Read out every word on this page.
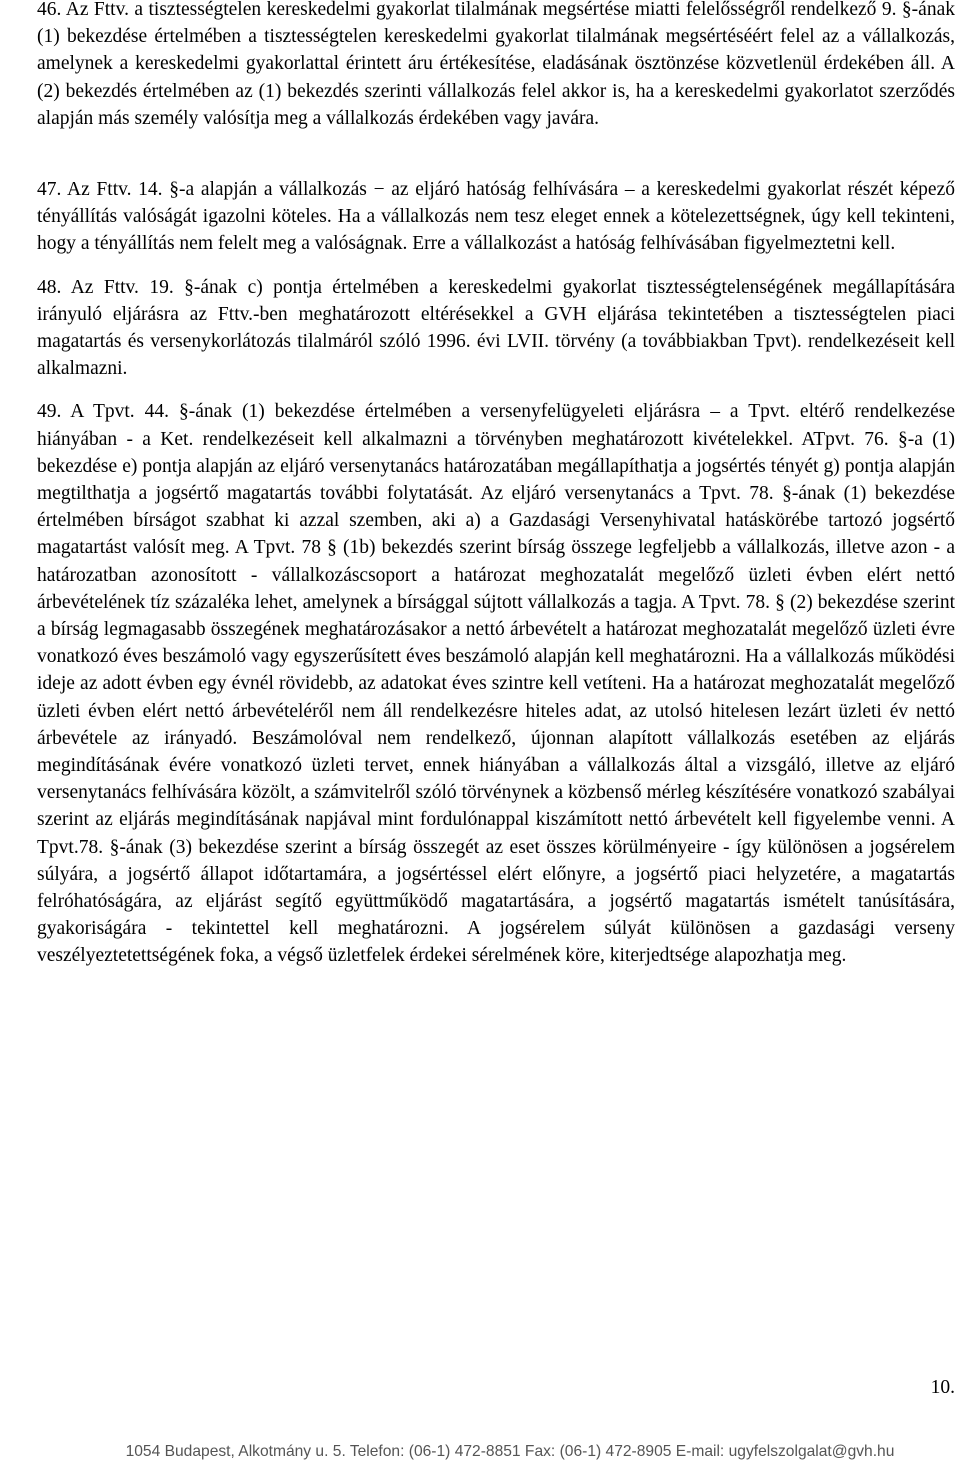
46. Az Fttv. a tisztességtelen kereskedelmi gyakorlat tilalmának megsértése miatti felelősségről rendelkező 9. §-ának (1) bekezdése értelmében a tisztességtelen kereskedelmi gyakorlat tilalmának megsértéséért felel az a vállalkozás, amelynek a kereskedelmi gyakorlattal érintett áru értékesítése, eladásának ösztönzése közvetlenül érdekében áll. A (2) bekezdés értelmében az (1) bekezdés szerinti vállalkozás felel akkor is, ha a kereskedelmi gyakorlatot szerződés alapján más személy valósítja meg a vállalkozás érdekében vagy javára.

47. Az Fttv. 14. §-a alapján a vállalkozás − az eljáró hatóság felhívására – a kereskedelmi gyakorlat részét képező tényállítás valóságát igazolni köteles. Ha a vállalkozás nem tesz eleget ennek a kötelezettségnek, úgy kell tekinteni, hogy a tényállítás nem felelt meg a valóságnak. Erre a vállalkozást a hatóság felhívásában figyelmeztetni kell.

48. Az Fttv. 19. §-ának c) pontja értelmében a kereskedelmi gyakorlat tisztességtelenségének megállapítására irányuló eljárásra az Fttv.-ben meghatározott eltérésekkel a GVH eljárása tekintetében a tisztességtelen piaci magatartás és versenykorlátozás tilalmáról szóló 1996. évi LVII. törvény (a továbbiakban Tpvt). rendelkezéseit kell alkalmazni.

49. A Tpvt. 44. §-ának (1) bekezdése értelmében a versenyfelügyeleti eljárásra – a Tpvt. eltérő rendelkezése hiányában - a Ket. rendelkezéseit kell alkalmazni a törvényben meghatározott kivételekkel. ATpvt. 76. §-a (1) bekezdése e) pontja alapján az eljáró versenytanács határozatában megállapíthatja a jogsértés tényét g) pontja alapján megtilthatja a jogsértő magatartás további folytatását. Az eljáró versenytanács a Tpvt. 78. §-ának (1) bekezdése értelmében bírságot szabhat ki azzal szemben, aki a) a Gazdasági Versenyhivatal hatáskörébe tartozó jogsértő magatartást valósít meg. A Tpvt. 78 § (1b) bekezdés szerint bírság összege legfeljebb a vállalkozás, illetve azon - a határozatban azonosított - vállalkozáscsoport a határozat meghozatalát megelőző üzleti évben elért nettó árbevételének tíz százaléka lehet, amelynek a bírsággal sújtott vállalkozás a tagja. A Tpvt. 78. § (2) bekezdése szerint a bírság legmagasabb összegének meghatározásakor a nettó árbevételt a határozat meghozatalát megelőző üzleti évre vonatkozó éves beszámoló vagy egyszerűsített éves beszámoló alapján kell meghatározni. Ha a vállalkozás működési ideje az adott évben egy évnél rövidebb, az adatokat éves szintre kell vetíteni. Ha a határozat meghozatalát megelőző üzleti évben elért nettó árbevételéről nem áll rendelkezésre hiteles adat, az utolsó hitelesen lezárt üzleti év nettó árbevétele az irányadó. Beszámolóval nem rendelkező, újonnan alapított vállalkozás esetében az eljárás megindításának évére vonatkozó üzleti tervet, ennek hiányában a vállalkozás által a vizsgáló, illetve az eljáró versenytanács felhívására közölt, a számvitelről szóló törvénynek a közbenső mérleg készítésére vonatkozó szabályai szerint az eljárás megindításának napjával mint fordulónappal kiszámított nettó árbevételt kell figyelembe venni. A Tpvt.78. §-ának (3) bekezdése szerint a bírság összegét az eset összes körülményeire - így különösen a jogsérelem súlyára, a jogsértő állapot időtartamára, a jogsértéssel elért előnyre, a jogsértő piaci helyzetére, a magatartás felróhatóságára, az eljárást segítő együttműködő magatartására, a jogsértő magatartás ismételt tanúsítására, gyakoriságára - tekintettel kell meghatározni. A jogsérelem súlyát különösen a gazdasági verseny veszélyeztetettségének foka, a végső üzletfelek érdekei sérelmének köre, kiterjedtsége alapozhatja meg.

10.
1054 Budapest, Alkotmány u. 5. Telefon: (06-1) 472-8851 Fax: (06-1) 472-8905 E-mail: ugyfelszolgalat@gvh.hu
